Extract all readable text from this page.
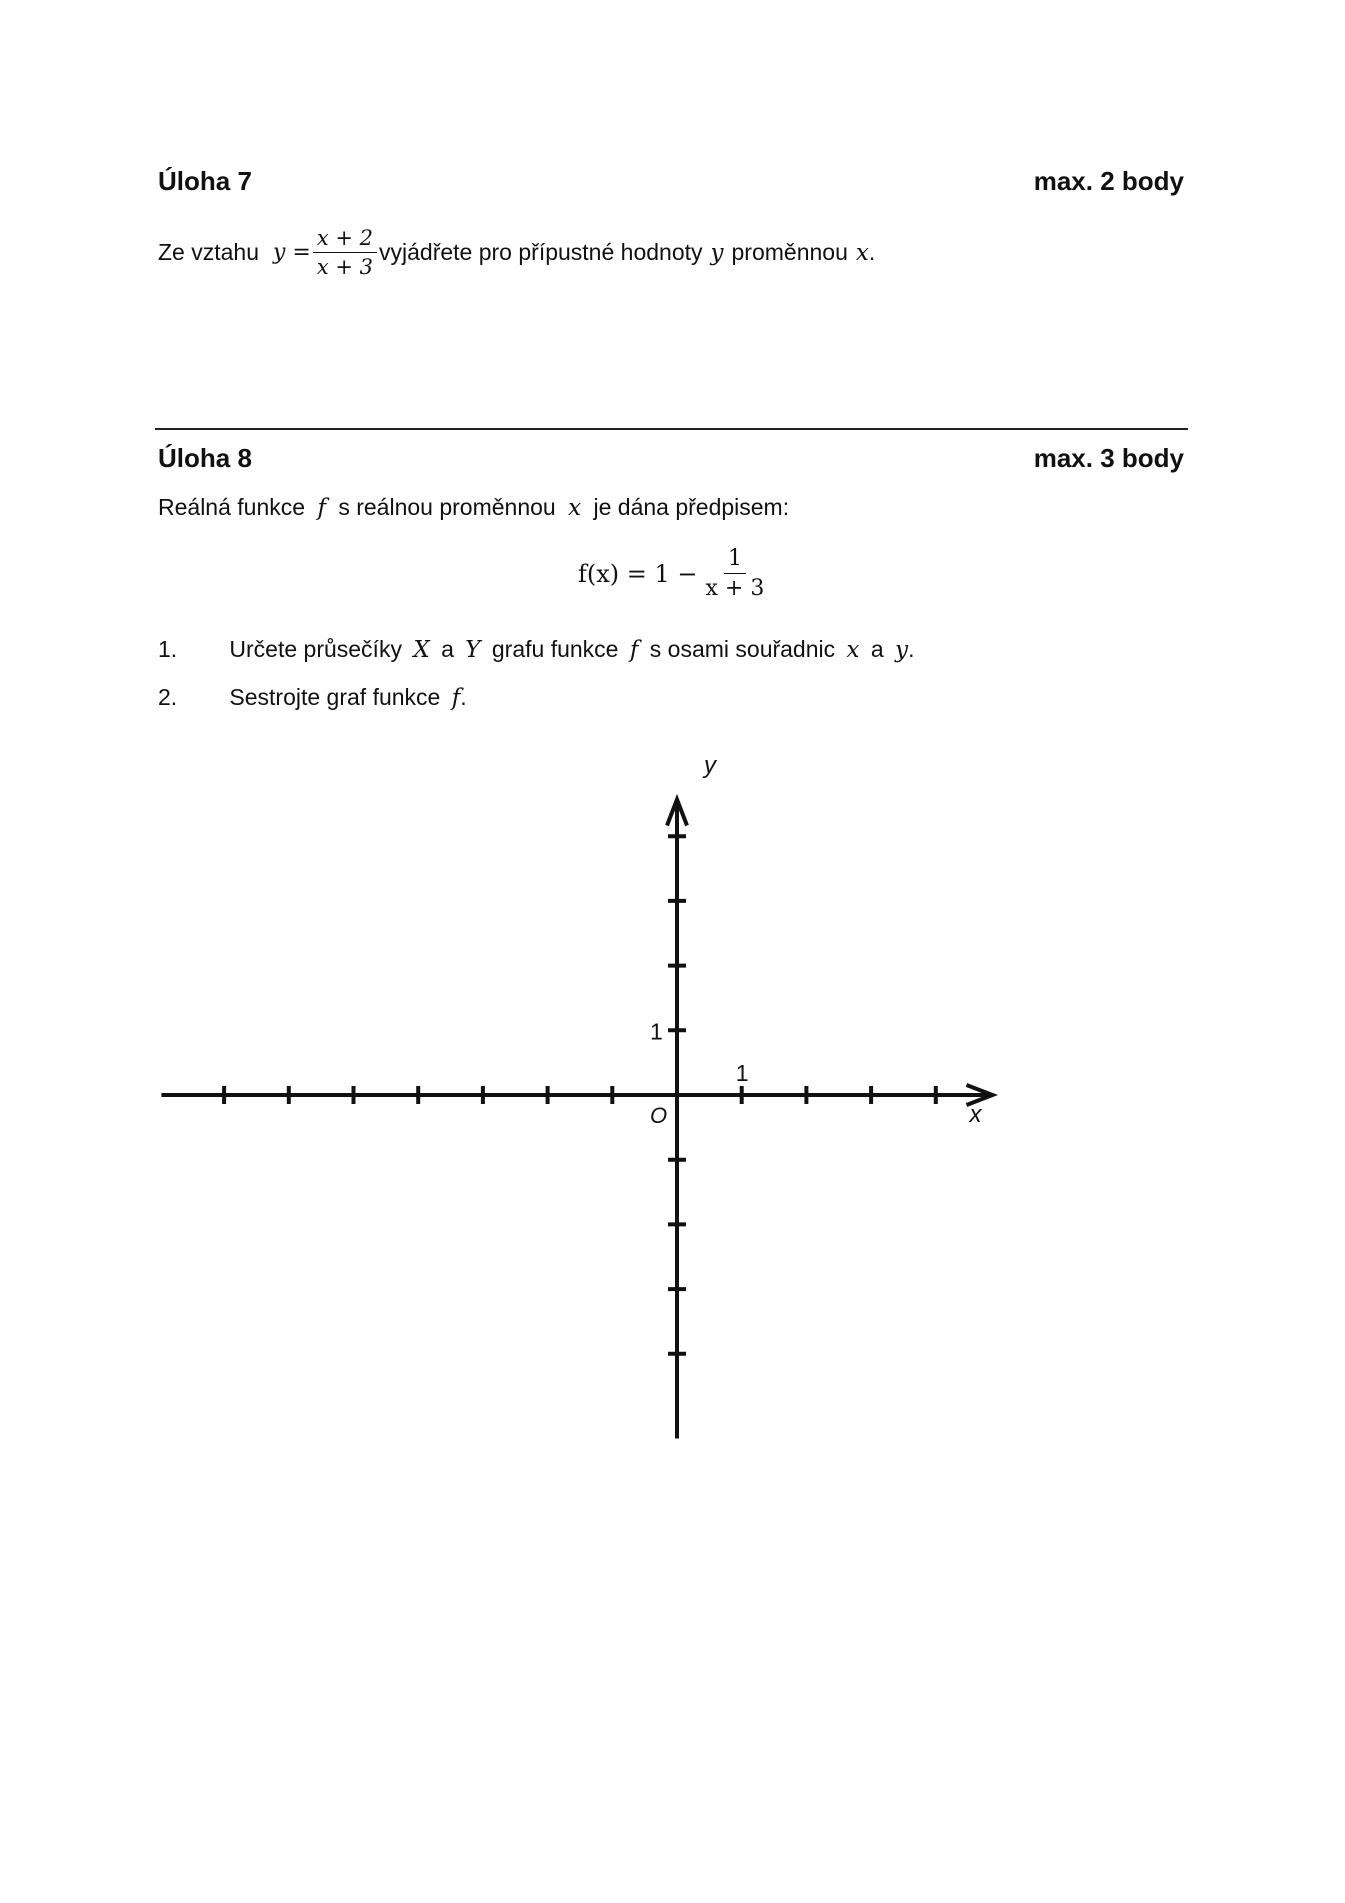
Úloha 7	max. 2 body
Ze vztahu $y = \frac{x + 2}{x + 3}$ vyjádřete pro přípustné hodnoty y proměnnou x .
Úloha 8	max. 3 body
Reálná funkce f s reálnou proměnnou x je dána předpisem:
$f(x) = 1 - \frac{1}{x + 3}$
1. Určete průsečíky X a Y grafu funkce f s osami souřadnic x a y.
2. Sestrojte graf funkce f.
y
x
O
1
1
